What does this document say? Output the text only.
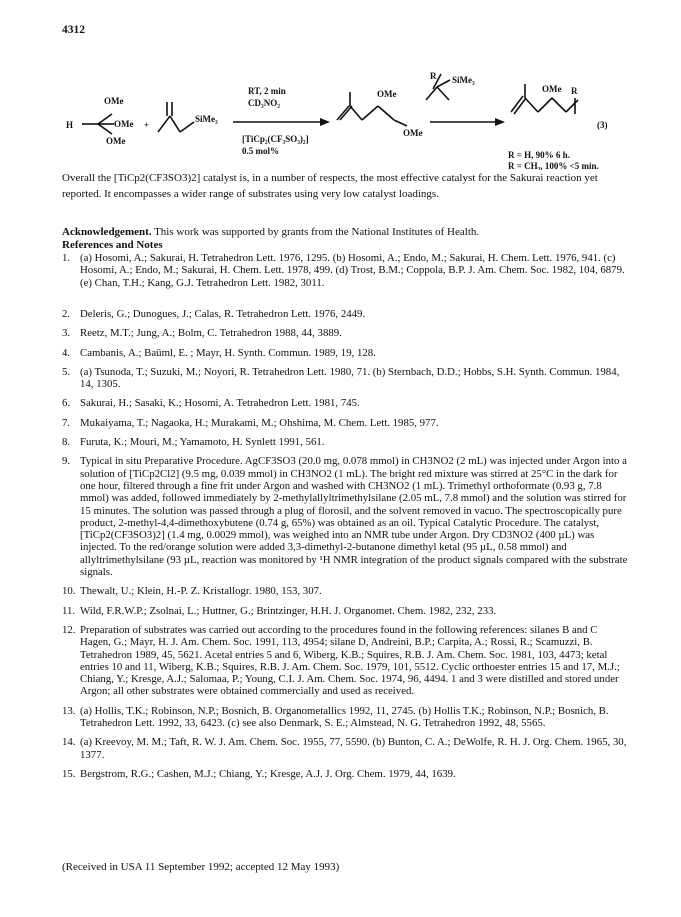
4312
OMe
H	OMe
OMe
+
SiMe₃
RT, 2 min
CD₃NO₂
[TiCp₂(CF₃SO₃)₂]
0.5 mol%
OMe
OMe
R SiMe₃
OMe R
(3)
R = H, 90% 6 h.
R = CH₃, 100% <5 min.
Overall the [TiCp2(CF3SO3)2] catalyst is, in a number of respects, the most effective catalyst for the Sakurai reaction yet reported. It encompasses a wider range of substrates using very low catalyst loadings.
Acknowledgement. This work was supported by grants from the National Institutes of Health.
References and Notes
1. (a) Hosomi, A.; Sakurai, H. Tetrahedron Lett. 1976, 1295. (b) Hosomi, A.; Endo, M.; Sakurai, H. Chem. Lett. 1976, 941. (c) Hosomi, A.; Endo, M.; Sakurai, H. Chem. Lett. 1978, 499. (d) Trost, B.M.; Coppola, B.P. J. Am. Chem. Soc. 1982, 104, 6879. (e) Chan, T.H.; Kang, G.J. Tetrahedron Lett. 1982, 3011.
2. Deleris, G.; Dunogues, J.; Calas, R. Tetrahedron Lett. 1976, 2449.
3. Reetz, M.T.; Jung, A.; Bolm, C. Tetrahedron 1988, 44, 3889.
4. Cambanis, A.; Baüml, E. ; Mayr, H. Synth. Commun. 1989, 19, 128.
5. (a) Tsunoda, T.; Suzuki, M.; Noyori, R. Tetrahedron Lett. 1980, 71. (b) Sternbach, D.D.; Hobbs, S.H. Synth. Commun. 1984, 14, 1305.
6. Sakurai, H.; Sasaki, K.; Hosomi, A. Tetrahedron Lett. 1981, 745.
7. Mukaiyama, T.; Nagaoka, H.; Murakami, M.; Ohshima, M. Chem. Lett. 1985, 977.
8. Furuta, K.; Mouri, M.; Yamamoto, H. Synlett 1991, 561.
9. Typical in situ Preparative Procedure. AgCF3SO3 (20.0 mg, 0.078 mmol) in CH3NO2 (2 mL) was injected under Argon into a solution of [TiCp2Cl2] (9.5 mg, 0.039 mmol) in CH3NO2 (1 mL). The bright red mixture was stirred at 25°C in the dark for one hour, filtered through a fine frit under Argon and washed with CH3NO2 (1 mL). Trimethyl orthoformate (0.93 g, 7.8 mmol) was added, followed immediately by 2-methylallyltrimethylsilane (2.05 mL, 7.8 mmol) and the solution was stirred for 15 minutes. The solution was passed through a plug of florosil, and the solvent removed in vacuo. The spectroscopically pure product, 2-methyl-4,4-dimethoxybutene (0.74 g, 65%) was obtained as an oil. Typical Catalytic Procedure. The catalyst, [TiCp2(CF3SO3)2] (1.4 mg, 0.0029 mmol), was weighed into an NMR tube under Argon. Dry CD3NO2 (400 µL) was injected. To the red/orange solution were added 3,3-dimethyl-2-butanone dimethyl ketal (95 µL, 0.58 mmol) and allyltrimethylsilane (93 µL, reaction was monitored by ¹H NMR integration of the product signals compared with the substrate signals.
10. Thewalt, U.; Klein, H.-P. Z. Kristallogr. 1980, 153, 307.
11. Wild, F.R.W.P.; Zsolnai, L.; Huttner, G.; Brintzinger, H.H. J. Organomet. Chem. 1982, 232, 233.
12. Preparation of substrates was carried out according to the procedures found in the following references: silanes B and C Hagen, G.; Mayr, H. J. Am. Chem. Soc. 1991, 113, 4954; silane D, Andreini, B.P.; Carpita, A.; Rossi, R.; Scamuzzi, B. Tetrahedron 1989, 45, 5621. Acetal entries 5 and 6, Wiberg, K.B.; Squires, R.B. J. Am. Chem. Soc. 1981, 103, 4473; ketal entries 10 and 11, Wiberg, K.B.; Squires, R.B. J. Am. Chem. Soc. 1979, 101, 5512. Cyclic orthoester entries 15 and 17, M.J.; Chiang, Y.; Kresge, A.J.; Salomaa, P.; Young, C.I. J. Am. Chem. Soc. 1974, 96, 4494. 1 and 3 were distilled and stored under Argon; all other substrates were obtained commercially and used as received.
13. (a) Hollis, T.K.; Robinson, N.P.; Bosnich, B. Organometallics 1992, 11, 2745. (b) Hollis T.K.; Robinson, N.P.; Bosnich, B. Tetrahedron Lett. 1992, 33, 6423. (c) see also Denmark, S. E.; Almstead, N. G. Tetrahedron 1992, 48, 5565.
14. (a) Kreevoy, M. M.; Taft, R. W. J. Am. Chem. Soc. 1955, 77, 5590. (b) Bunton, C. A.; DeWolfe, R. H. J. Org. Chem. 1965, 30, 1377.
15. Bergstrom, R.G.; Cashen, M.J.; Chiang, Y.; Kresge, A.J. J. Org. Chem. 1979, 44, 1639.
(Received in USA 11 September 1992; accepted 12 May 1993)
